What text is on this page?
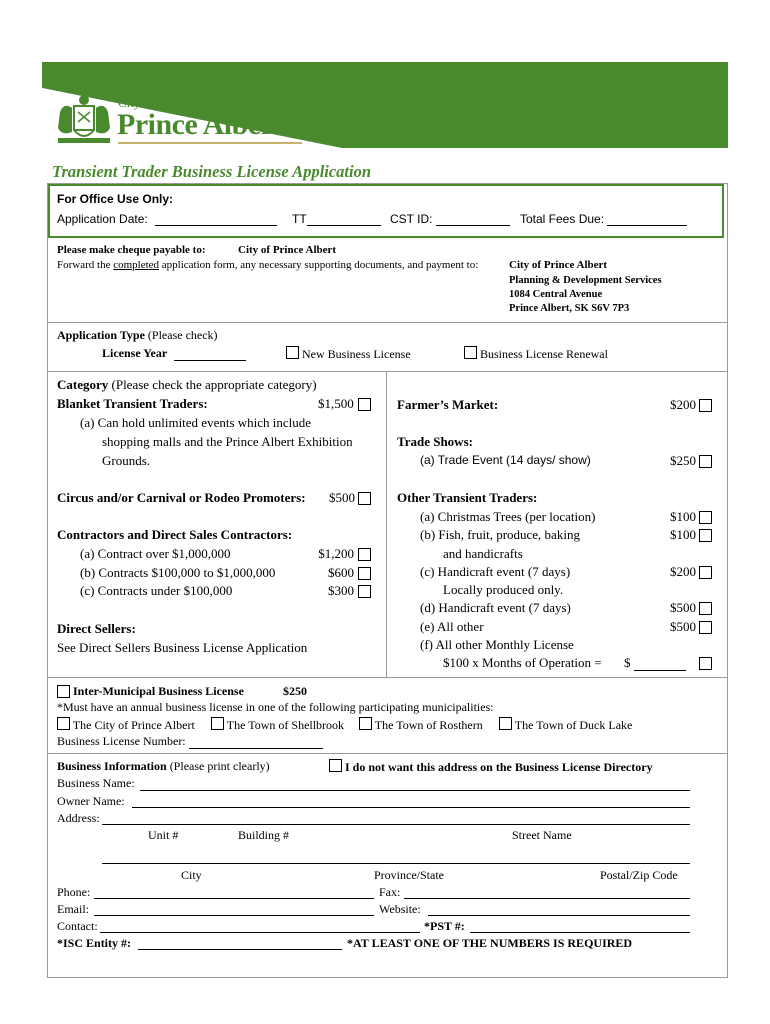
City of
Prince Albert
Transient Trader Business License Application
For Office Use Only:
Application Date:	TT	CST ID:	Total Fees Due:
Please make cheque payable to:	City of Prince Albert
Forward the completed application form, any necessary supporting documents, and payment to:	City of Prince Albert
Planning & Development Services
1084 Central Avenue
Prince Albert, SK S6V 7P3
Application Type (Please check)
License Year	New Business License	Business License Renewal
Category (Please check the appropriate category)
Blanket Transient Traders:	$1,500
(a) Can hold unlimited events which include
shopping malls and the Prince Albert Exhibition
Grounds.
Circus and/or Carnival or Rodeo Promoters: $500
Contractors and Direct Sales Contractors:
(a) Contract over $1,000,000	$1,200
(b) Contracts $100,000 to $1,000,000	$600
(c) Contracts under $100,000	$300
Direct Sellers:
See Direct Sellers Business License Application
Farmer’s Market:	$200
Trade Shows:
(a) Trade Event (14 days/ show)	$250
Other Transient Traders:
(a) Christmas Trees (per location)	$100
(b) Fish, fruit, produce, baking	$100
and handicrafts
(c) Handicraft event (7 days)	$200
Locally produced only.
(d) Handicraft event (7 days)	$500
(e) All other	$500
(f) All other Monthly License
$100 x Months of Operation = $
Inter-Municipal Business License	$250
*Must have an annual business license in one of the following participating municipalities:
The City of Prince Albert	The Town of Shellbrook	The Town of Rosthern	The Town of Duck Lake
Business License Number:
Business Information (Please print clearly)	I do not want this address on the Business License Directory
Business Name:
Owner Name:
Address:
Unit #	Building #	Street Name
City	Province/State	Postal/Zip Code
Phone:	Fax:
Email:	Website:
Contact:	*PST #:
*ISC Entity #:	*AT LEAST ONE OF THE NUMBERS IS REQUIRED
